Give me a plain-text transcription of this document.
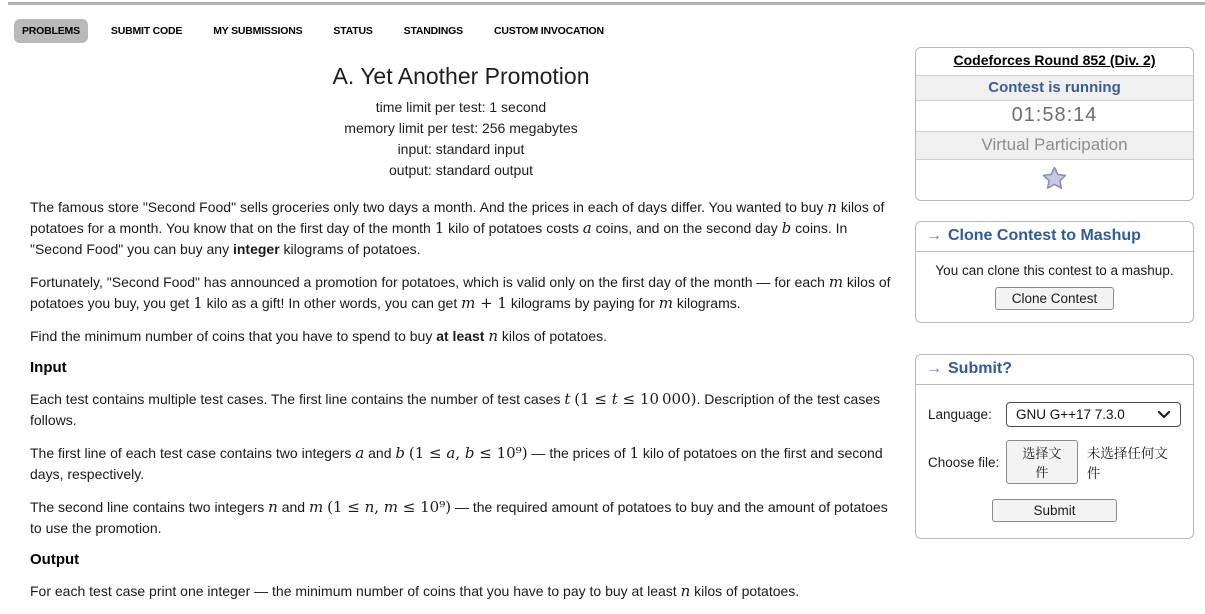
PROBLEMS	SUBMIT CODE	MY SUBMISSIONS	STATUS	STANDINGS	CUSTOM INVOCATION
A. Yet Another Promotion
time limit per test: 1 second
memory limit per test: 256 megabytes
input: standard input
output: standard output

The famous store "Second Food" sells groceries only two days a month. And the prices in each of days differ. You wanted to buy n kilos of potatoes for a month. You know that on the first day of the month 1 kilo of potatoes costs a coins, and on the second day b coins. In "Second Food" you can buy any integer kilograms of potatoes.

Fortunately, "Second Food" has announced a promotion for potatoes, which is valid only on the first day of the month — for each m kilos of potatoes you buy, you get 1 kilo as a gift! In other words, you can get m + 1 kilograms by paying for m kilograms.

Find the minimum number of coins that you have to spend to buy at least n kilos of potatoes.

Input

Each test contains multiple test cases. The first line contains the number of test cases t (1 ≤ t ≤ 10 000). Description of the test cases follows.

The first line of each test case contains two integers a and b (1 ≤ a, b ≤ 10⁹) — the prices of 1 kilo of potatoes on the first and second days, respectively.

The second line contains two integers n and m (1 ≤ n, m ≤ 10⁹) — the required amount of potatoes to buy and the amount of potatoes to use the promotion.

Output

For each test case print one integer — the minimum number of coins that you have to pay to buy at least n kilos of potatoes.

Codeforces Round 852 (Div. 2)
Contest is running
01:58:14
Virtual Participation
→ Clone Contest to Mashup
You can clone this contest to a mashup.
Clone Contest
→ Submit?
Language:	GNU G++17 7.3.0
Choose file:
选择文件
未选择任何文件
Submit
